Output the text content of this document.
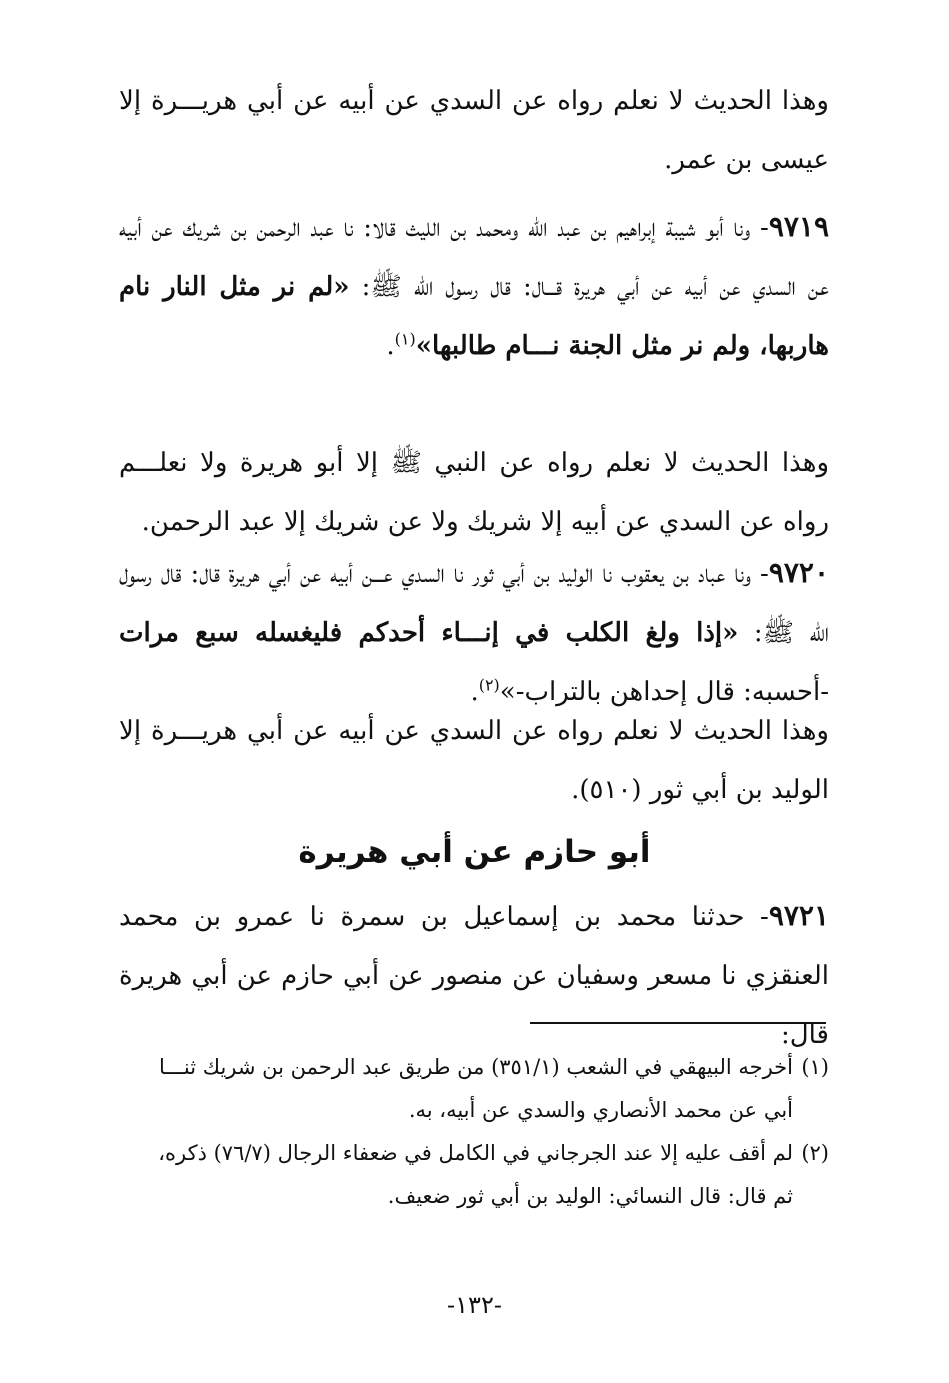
وهذا الحديث لا نعلم رواه عن السدي عن أبيه عن أبي هريـــرة إلا عيسى بن عمر.
٩٧١٩- ونا أبو شيبة إبراهيم بن عبد الله ومحمد بن الليث قالا: نا عبد الرحمن بن شريك عن أبيه عن السدي عن أبيه عن أبي هريرة قـــال: قال رسول الله ﷺ: «لم نر مثل النار نام هاربها، ولم نر مثل الجنة نـــام طالبها»$^{(١)}$.
وهذا الحديث لا نعلم رواه عن النبي ﷺ إلا أبو هريرة ولا نعلـــم رواه عن السدي عن أبيه إلا شريك ولا عن شريك إلا عبد الرحمن.
٩٧٢٠- ونا عباد بن يعقوب نا الوليد بن أبي ثور نا السدي عـــن أبيه عن أبي هريرة قال: قال رسول الله ﷺ: «إذا ولغ الكلب في إنـــاء أحدكم فليغسله سبع مرات -أحسبه: قال إحداهن بالتراب-»$^{(٢)}$.
وهذا الحديث لا نعلم رواه عن السدي عن أبيه عن أبي هريـــرة إلا الوليد بن أبي ثور (٥١٠).
أبو حازم عن أبي هريرة
٩٧٢١- حدثنا محمد بن إسماعيل بن سمرة نا عمرو بن محمد العنقزي نا مسعر وسفيان عن منصور عن أبي حازم عن أبي هريرة قال:
(١)أخرجه البيهقي في الشعب (٣٥١/١) من طريق عبد الرحمن بن شريك ثنـــا
أبي عن محمد الأنصاري والسدي عن أبيه، به.
(٢)لم أقف عليه إلا عند الجرجاني في الكامل في ضعفاء الرجال (٧٦/٧) ذكره،
ثم قال: قال النسائي: الوليد بن أبي ثور ضعيف.
-١٣٢-
